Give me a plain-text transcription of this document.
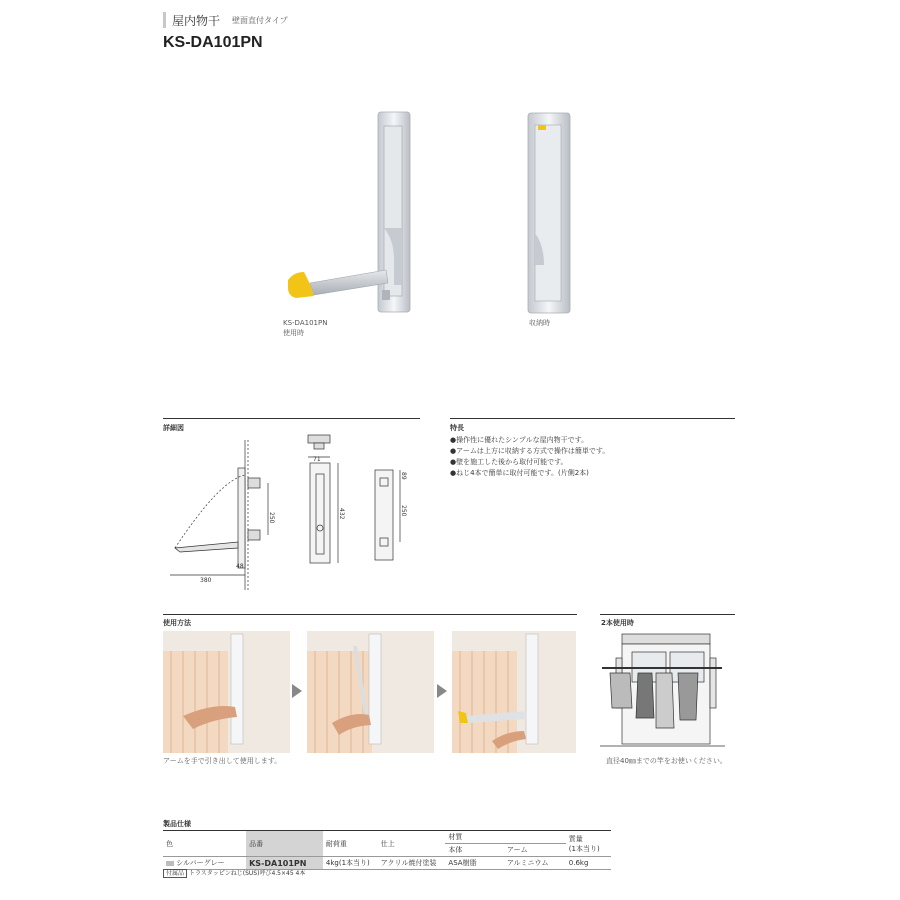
屋内物干 壁面直付タイプ
KS-DA101PN
KS-DA101PN
使用時
収納時
詳細図
250
380
48
71
432	250
89
特長
●操作性に優れたシンプルな屋内物干です。
●アームは上方に収納する方式で操作は簡単です。
●壁を施工した後から取付可能です。
●ねじ4本で簡単に取付可能です。(片側2本)
使用方法
アームを手で引き出して使用します。
2本使用時
直径40㎜までの竿をお使いください。
製品仕様
色	品番	耐荷重	仕上	材質		質量
(1本当り)

				本体	アーム	
シルバーグレー	KS-DA101PN	4kg(1本当り)	アクリル焼付塗装	ASA樹脂	アルミニウム	0.6kg
付属品 トラスタッピンねじ(SUS)呼び4.5×45 4本
